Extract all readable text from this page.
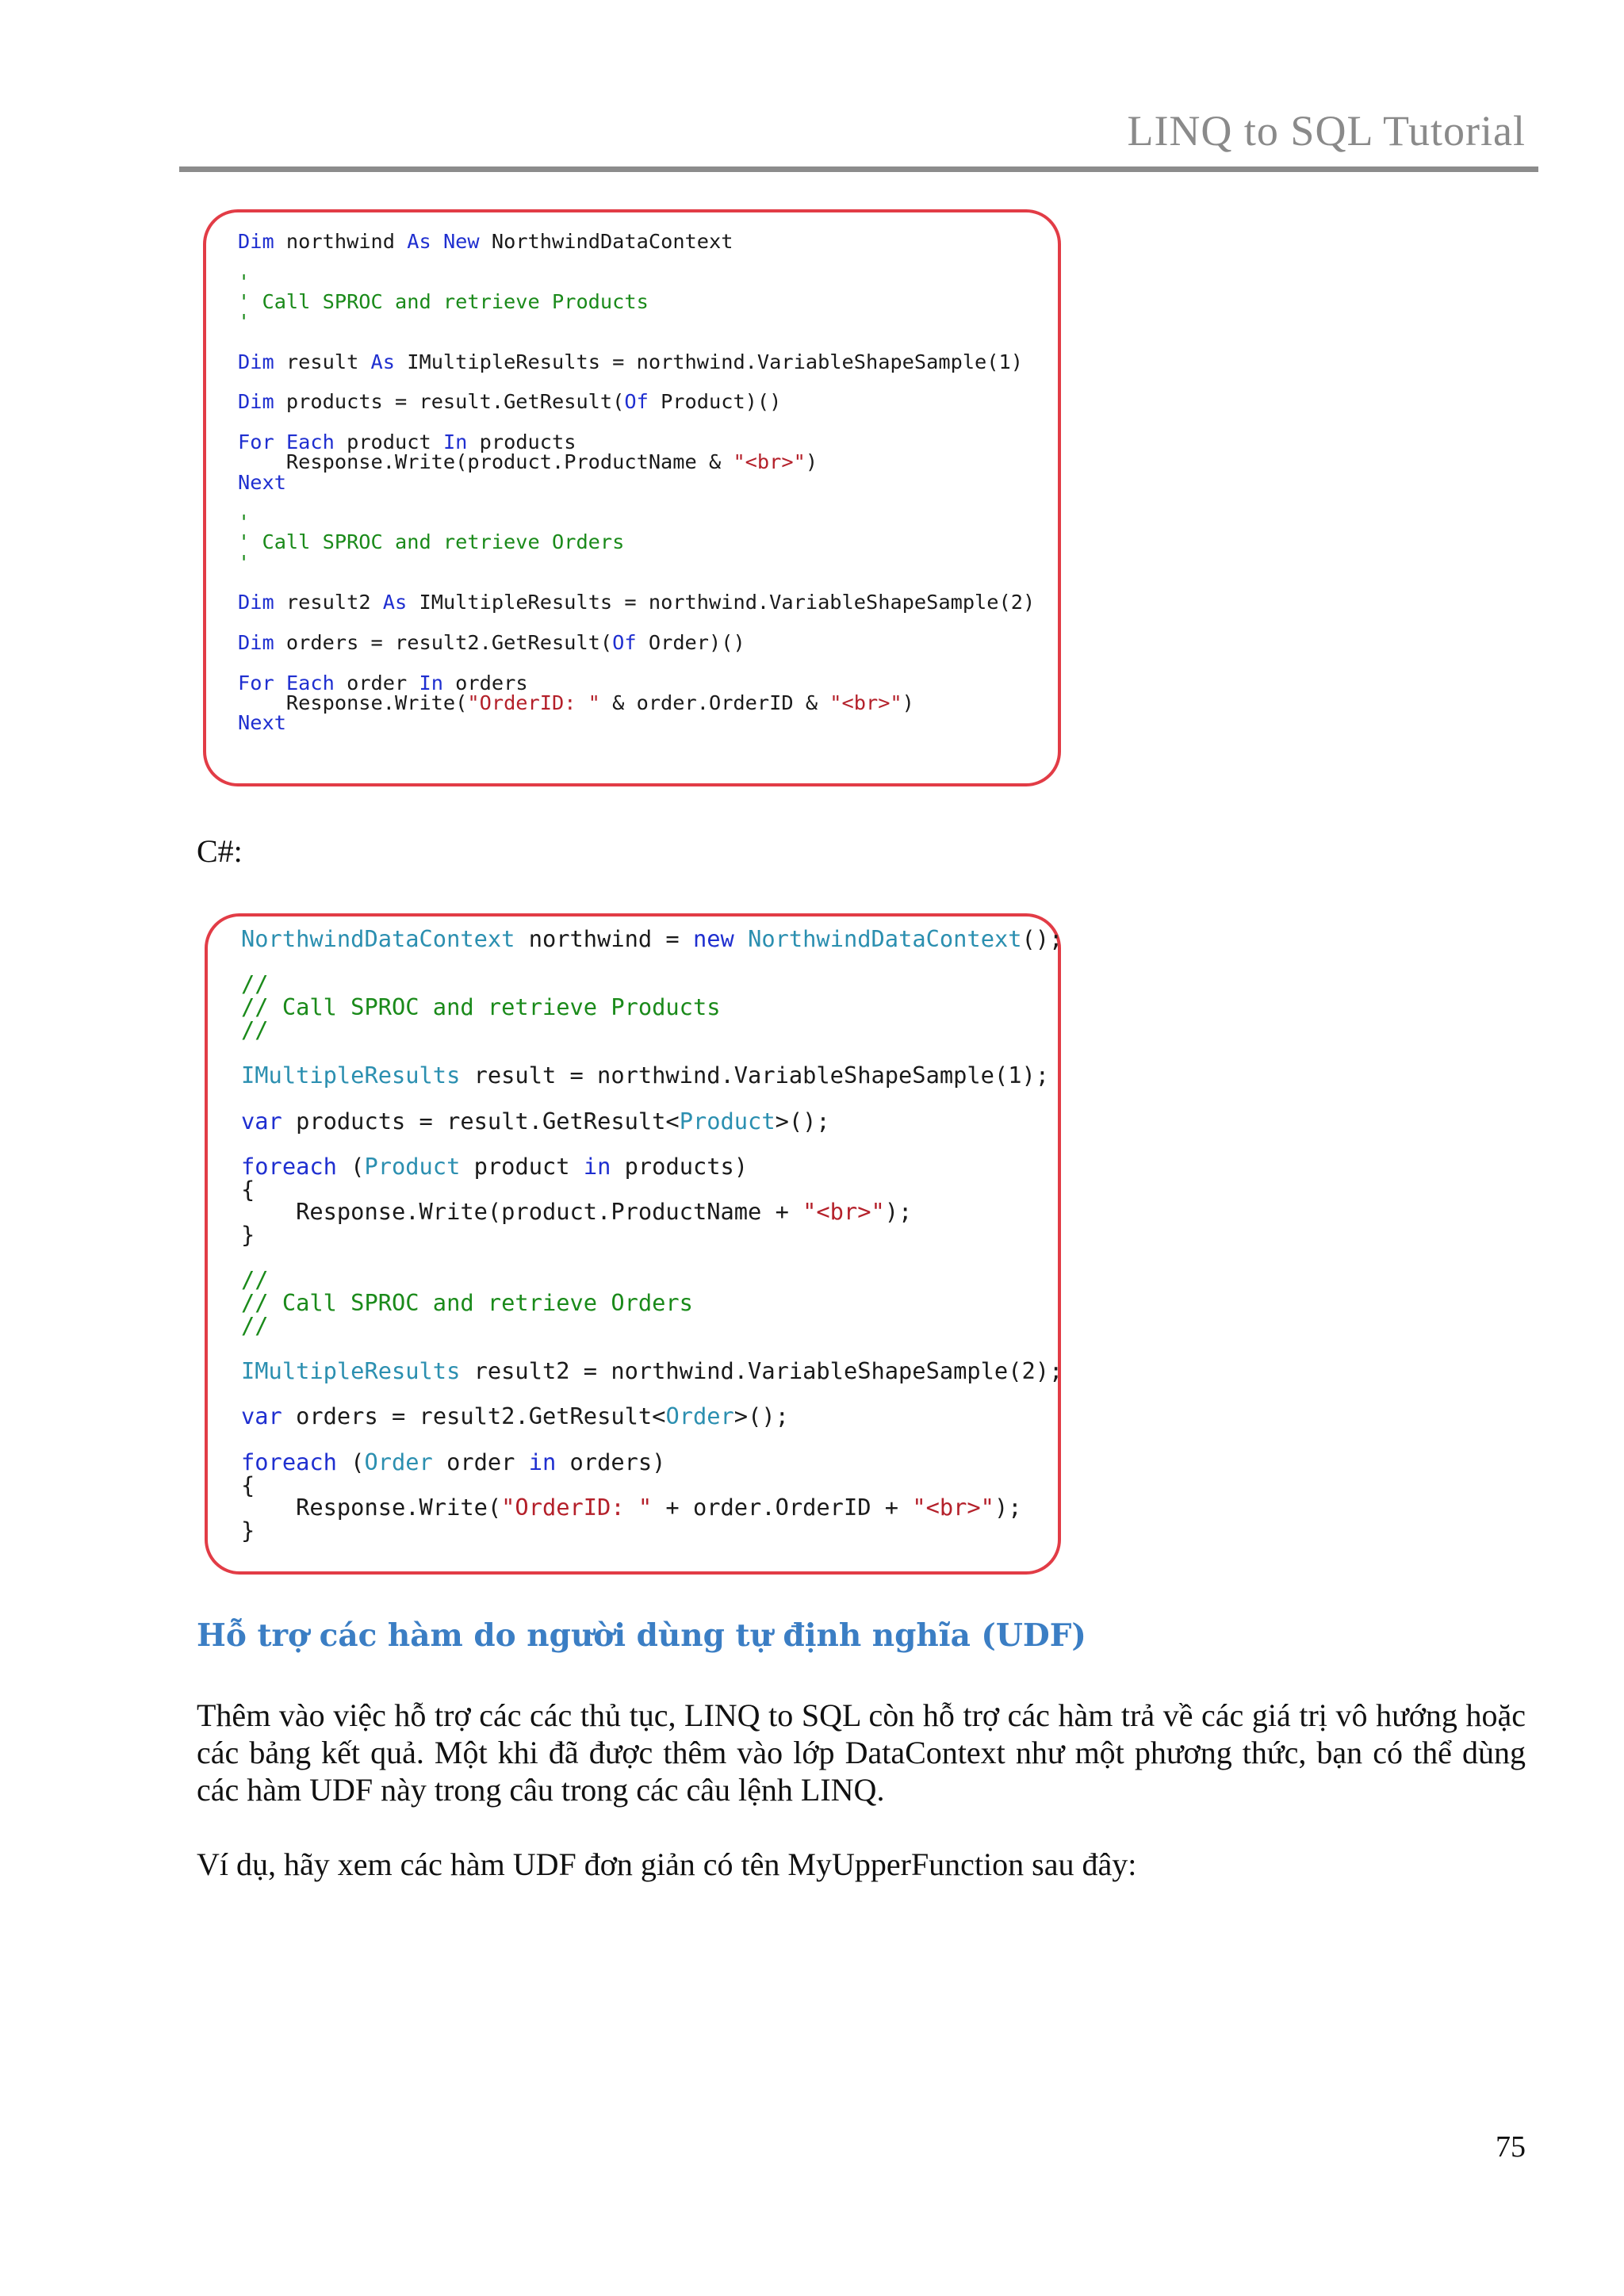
LINQ to SQL Tutorial
Dim northwind As New NorthwindDataContext
'
' Call SPROC and retrieve Products
'
Dim result As IMultipleResults = northwind.VariableShapeSample(1)
Dim products = result.GetResult(Of Product)()
For Each product In products
Response.Write(product.ProductName & "<br>")
Next
'
' Call SPROC and retrieve Orders
'
Dim result2 As IMultipleResults = northwind.VariableShapeSample(2)
Dim orders = result2.GetResult(Of Order)()
For Each order In orders
Response.Write("OrderID: " & order.OrderID & "<br>")
Next
C#:
NorthwindDataContext northwind = new NorthwindDataContext();
//
// Call SPROC and retrieve Products
//
IMultipleResults result = northwind.VariableShapeSample(1);
var products = result.GetResult<Product>();
foreach (Product product in products)
{
Response.Write(product.ProductName + "<br>");
}
//
// Call SPROC and retrieve Orders
//
IMultipleResults result2 = northwind.VariableShapeSample(2);
var orders = result2.GetResult<Order>();
foreach (Order order in orders)
{
Response.Write("OrderID: " + order.OrderID + "<br>");
}
Hỗ trợ các hàm do người dùng tự định nghĩa (UDF)
Thêm vào việc hỗ trợ các các thủ tục, LINQ to SQL còn hỗ trợ các hàm trả về các giá trị vô hướng hoặc các bảng kết quả. Một khi đã được thêm vào lớp DataContext như một phương thức, bạn có thể dùng các hàm UDF này trong câu trong các câu lệnh LINQ.
Ví dụ, hãy xem các hàm UDF đơn giản có tên MyUpperFunction sau đây:
75
